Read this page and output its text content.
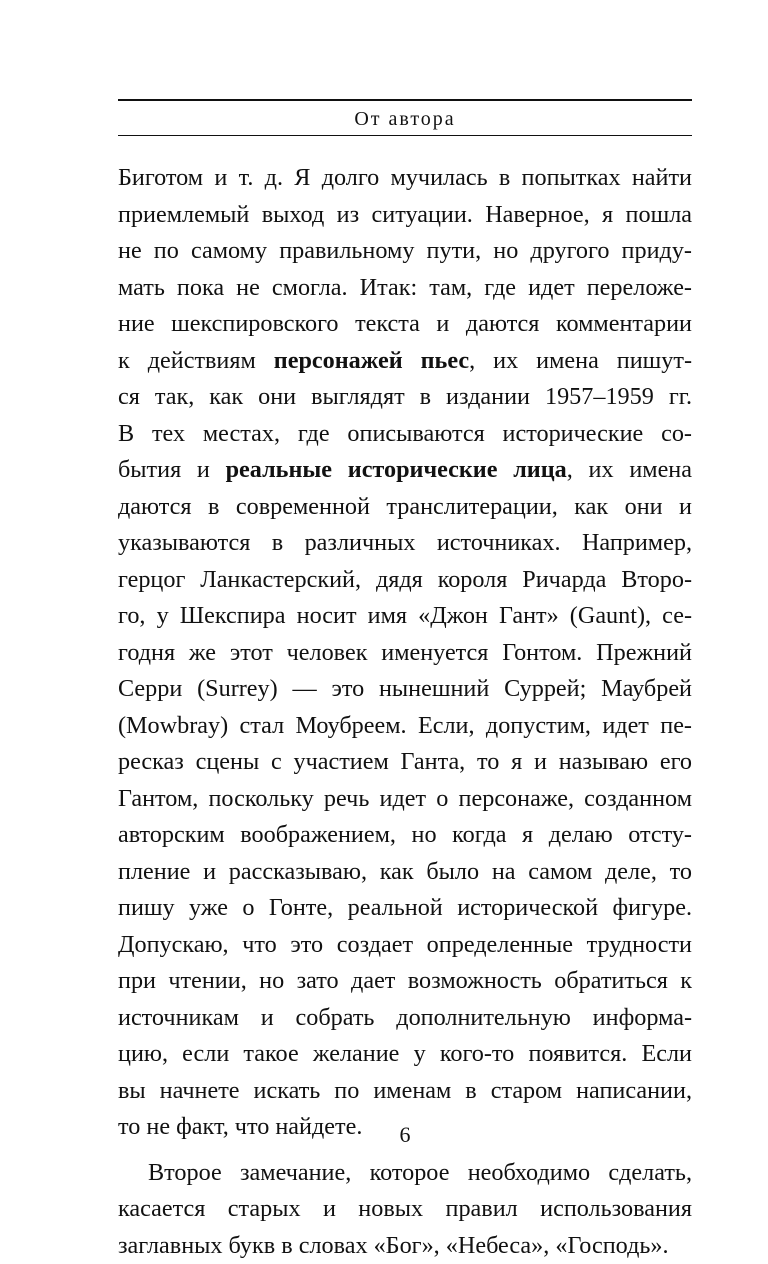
От автора
Биготом и т. д. Я долго мучилась в попытках найти
приемлемый выход из ситуации. Наверное, я пошла
не по самому правильному пути, но другого приду-
мать пока не смогла. Итак: там, где идет переложе-
ние шекспировского текста и даются комментарии
к действиям персонажей пьес, их имена пишут-
ся так, как они выглядят в издании 1957–1959 гг.
В тех местах, где описываются исторические со-
бытия и реальные исторические лица, их имена
даются в современной транслитерации, как они и
указываются в различных источниках. Например,
герцог Ланкастерский, дядя короля Ричарда Второ-
го, у Шекспира носит имя «Джон Гант» (Gaunt), се-
годня же этот человек именуется Гонтом. Прежний
Серри (Surrey) — это нынешний Суррей; Маубрей
(Mowbray) стал Моубреем. Если, допустим, идет пе-
ресказ сцены с участием Ганта, то я и называю его
Гантом, поскольку речь идет о персонаже, созданном
авторским воображением, но когда я делаю отсту-
пление и рассказываю, как было на самом деле, то
пишу уже о Гонте, реальной исторической фигуре.
Допускаю, что это создает определенные трудности
при чтении, но зато дает возможность обратиться к
источникам и собрать дополнительную информа-
цию, если такое желание у кого-то появится. Если
вы начнете искать по именам в старом написании,
то не факт, что найдете.
Второе замечание, которое необходимо сделать,
касается старых и новых правил использования
заглавных букв в словах «Бог», «Небеса», «Господь».
6
